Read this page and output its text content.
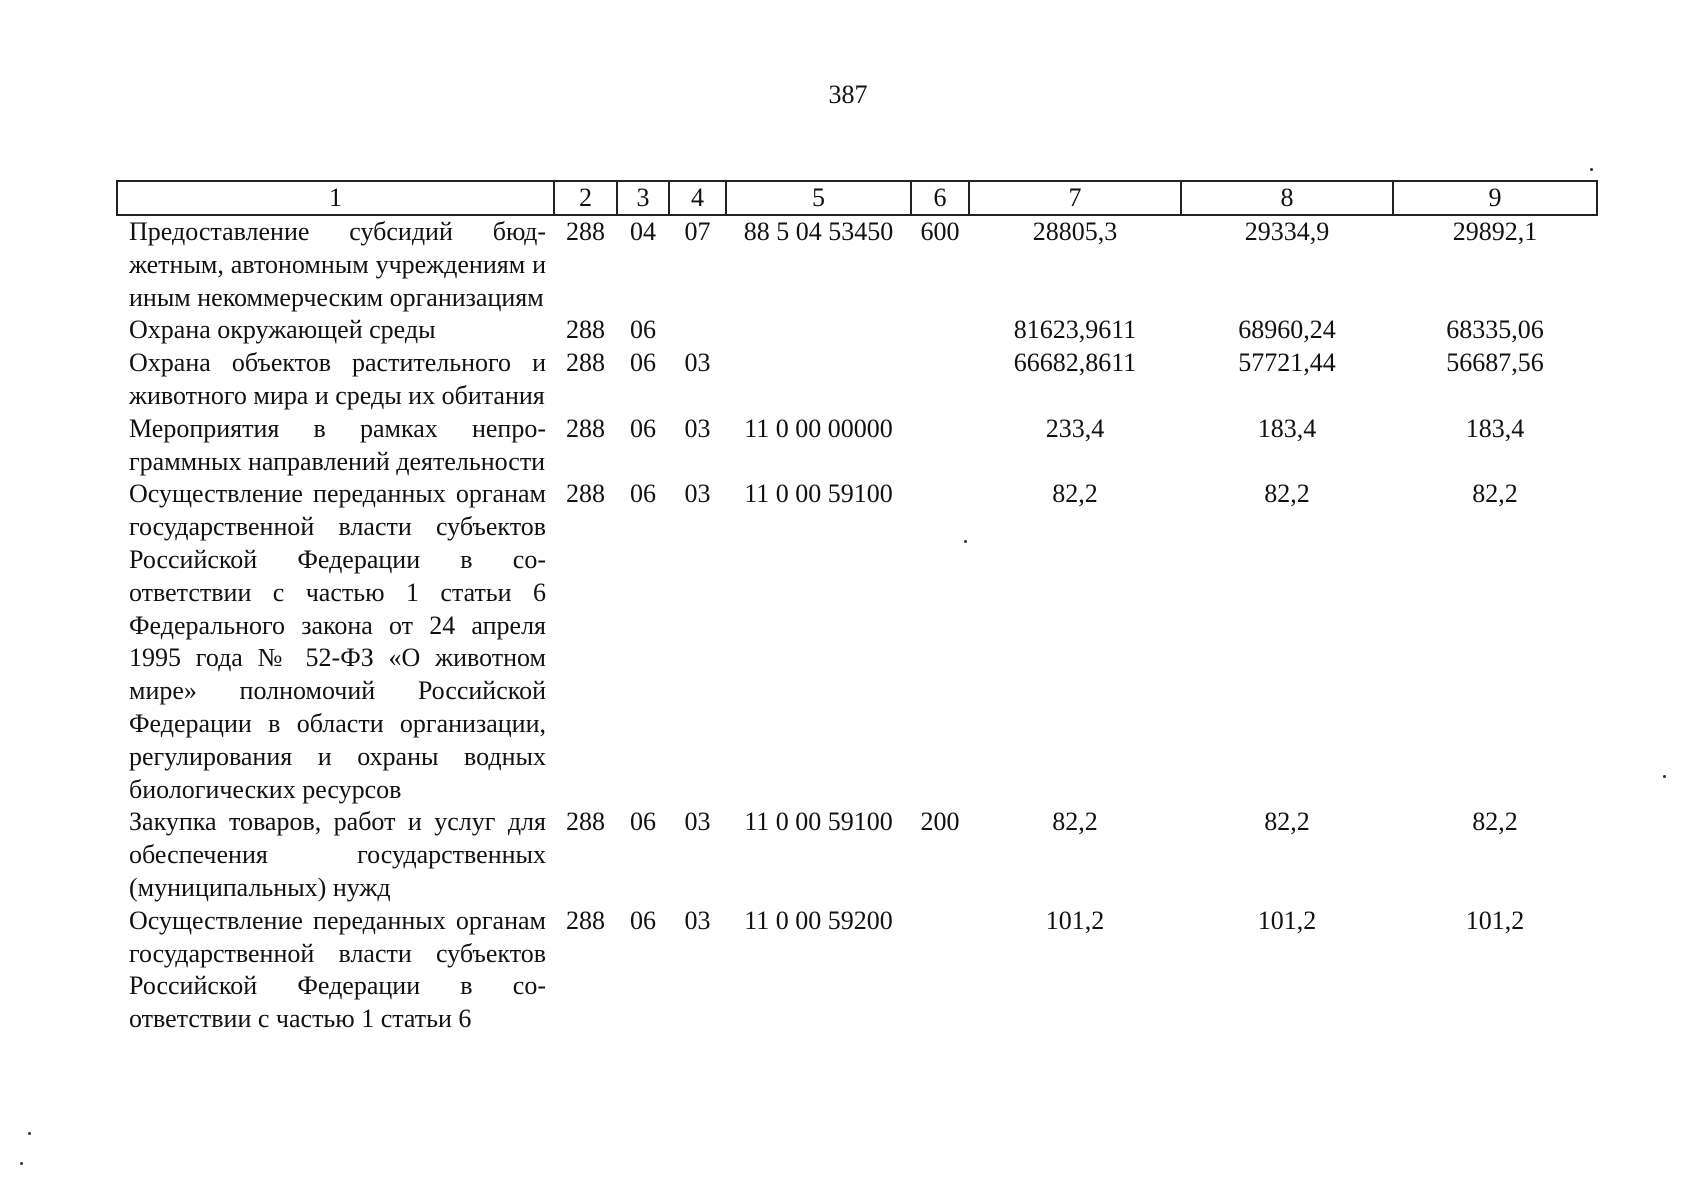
387
1	2	3	4	5	6	7	8	9
Предоставление субсидий бюджетным, автономным учреждениям и иным некоммерческим организациям	288	04	07	88 5 04 53450	600	28805,3	29334,9	29892,1
Охрана окружающей среды	288	06				81623,9611	68960,24	68335,06
Охрана объектов растительного и животного мира и среды их обитания	288	06	03			66682,8611	57721,44	56687,56
Мероприятия в рамках непрограммных направлений деятельности	288	06	03	11 0 00 00000		233,4	183,4	183,4
Осуществление переданных органам государственной власти субъектов Российской Федерации в соответствии с частью 1 статьи 6 Федерального закона от 24 апреля 1995 года № 52-ФЗ «О животном мире» полномочий Российской Федерации в области организации, регулирования и охраны водных биологических ресурсов	288	06	03	11 0 00 59100		82,2	82,2	82,2
Закупка товаров, работ и услуг для обеспечения государственных (муниципальных) нужд	288	06	03	11 0 00 59100	200	82,2	82,2	82,2
Осуществление переданных органам государственной власти субъектов Российской Федерации в соответствии с частью 1 статьи 6	288	06	03	11 0 00 59200		101,2	101,2	101,2
